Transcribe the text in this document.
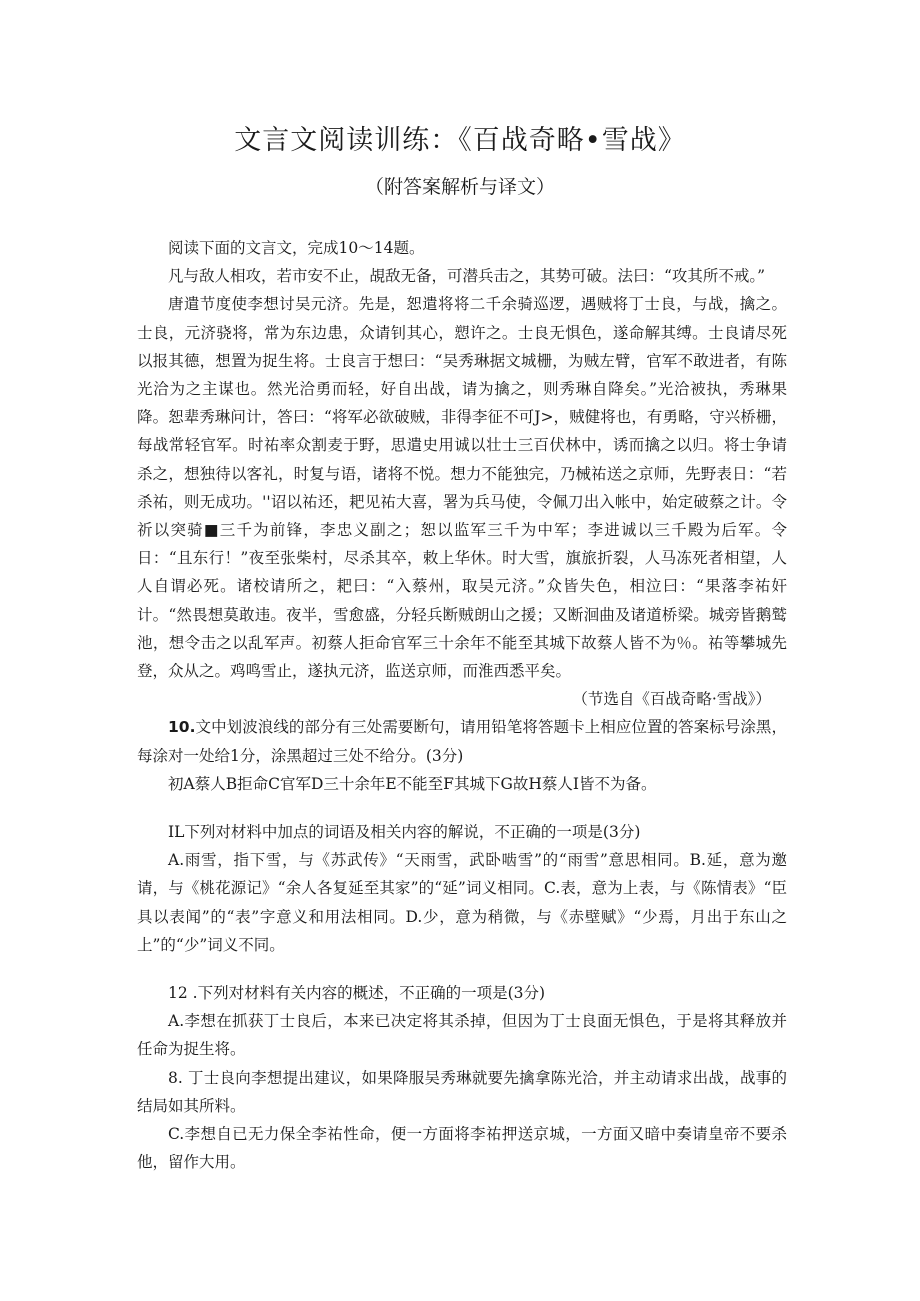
文言文阅读训练：《百战奇略•雪战》
（附答案解析与译文）

阅读下面的文言文，完成10〜14题。

凡与敌人相攻，若市安不止，覘敌无备，可潜兵击之，其势可破。法曰：“攻其所不戒。”

唐遣节度使李想讨吴元济。先是，恕遣将将二千余骑巡逻，遇贼将丁士良，与战，擒之。士良，元济骁将，常为东边患，众请钊其心，愬许之。士良无惧色，遂命解其缚。士良请尽死以报其德，想置为捉生将。士良言于想曰：“吴秀琳据文城栅，为贼左臂，官军不敢进者，有陈光洽为之主谋也。然光洽勇而轻，好自出战，请为擒之，则秀琳自降矣。”光洽被执，秀琳果降。恕辈秀琳问计，答曰：“将军必欲破贼，非得李征不可J>，贼健将也，有勇略，守兴桥栅，每战常轻官军。时祐率众割麦于野，思遣史用诚以壮士三百伏林中，诱而擒之以归。将士争请杀之，想独待以客礼，时复与语，诸将不悦。想力不能独完，乃械祐送之京师，先野表日：“若杀祐，则无成功。''诏以祐还，耙见祐大喜，署为兵马使，令佩刀出入帐中，始定破蔡之计。令祈以突骑■三千为前锋，李忠义副之；恕以监军三千为中军；李进诚以三千殿为后军。令日：“且东行！”夜至张柴村，尽杀其卒，敕上华休。时大雪，旗旅折裂，人马冻死者相望，人人自谓必死。诸校请所之，耙曰：“入蔡州，取吴元济。”众皆失色，相泣曰：“果落李祐奸计。“然畏想莫敢违。夜半，雪愈盛，分轻兵断贼朗山之援；又断洄曲及诸道桥梁。城旁皆鹅鹫池，想令击之以乱军声。初蔡人拒命官军三十余年不能至其城下故蔡人皆不为％。祐等攀城先登，众从之。鸡鸣雪止，遂执元济，监送京师，而淮西悉平矣。

（节选自《百战奇略·雪战》）

10.文中划波浪线的部分有三处需要断句，请用铅笔将答题卡上相应位置的答案标号涂黑，每涂对一处给1分，涂黑超过三处不给分。(3分)

初A蔡人B拒命C官军D三十余年E不能至F其城下G故H蔡人I皆不为备。

IL下列对材料中加点的词语及相关内容的解说，不正确的一项是(3分)

A.雨雪，指下雪，与《苏武传》“天雨雪，武卧啮雪”的“雨雪”意思相同。B.延，意为邀请，与《桃花源记》“余人各复延至其家”的“延”词义相同。C.表，意为上表，与《陈情表》“臣具以表闻”的“表”字意义和用法相同。D.少，意为稍微，与《赤壁赋》“少焉，月出于东山之上”的“少”词义不同。

12 .下列对材料有关内容的概述，不正确的一项是(3分)

A.李想在抓获丁士良后，本来已决定将其杀掉，但因为丁士良面无惧色，于是将其释放并任命为捉生将。

8. 丁士良向李想提出建议，如果降服吴秀琳就要先擒拿陈光洽，并主动请求出战，战事的结局如其所料。

C.李想自已无力保全李祐性命，便一方面将李祐押送京城，一方面又暗中奏请皇帝不要杀他，留作大用。
